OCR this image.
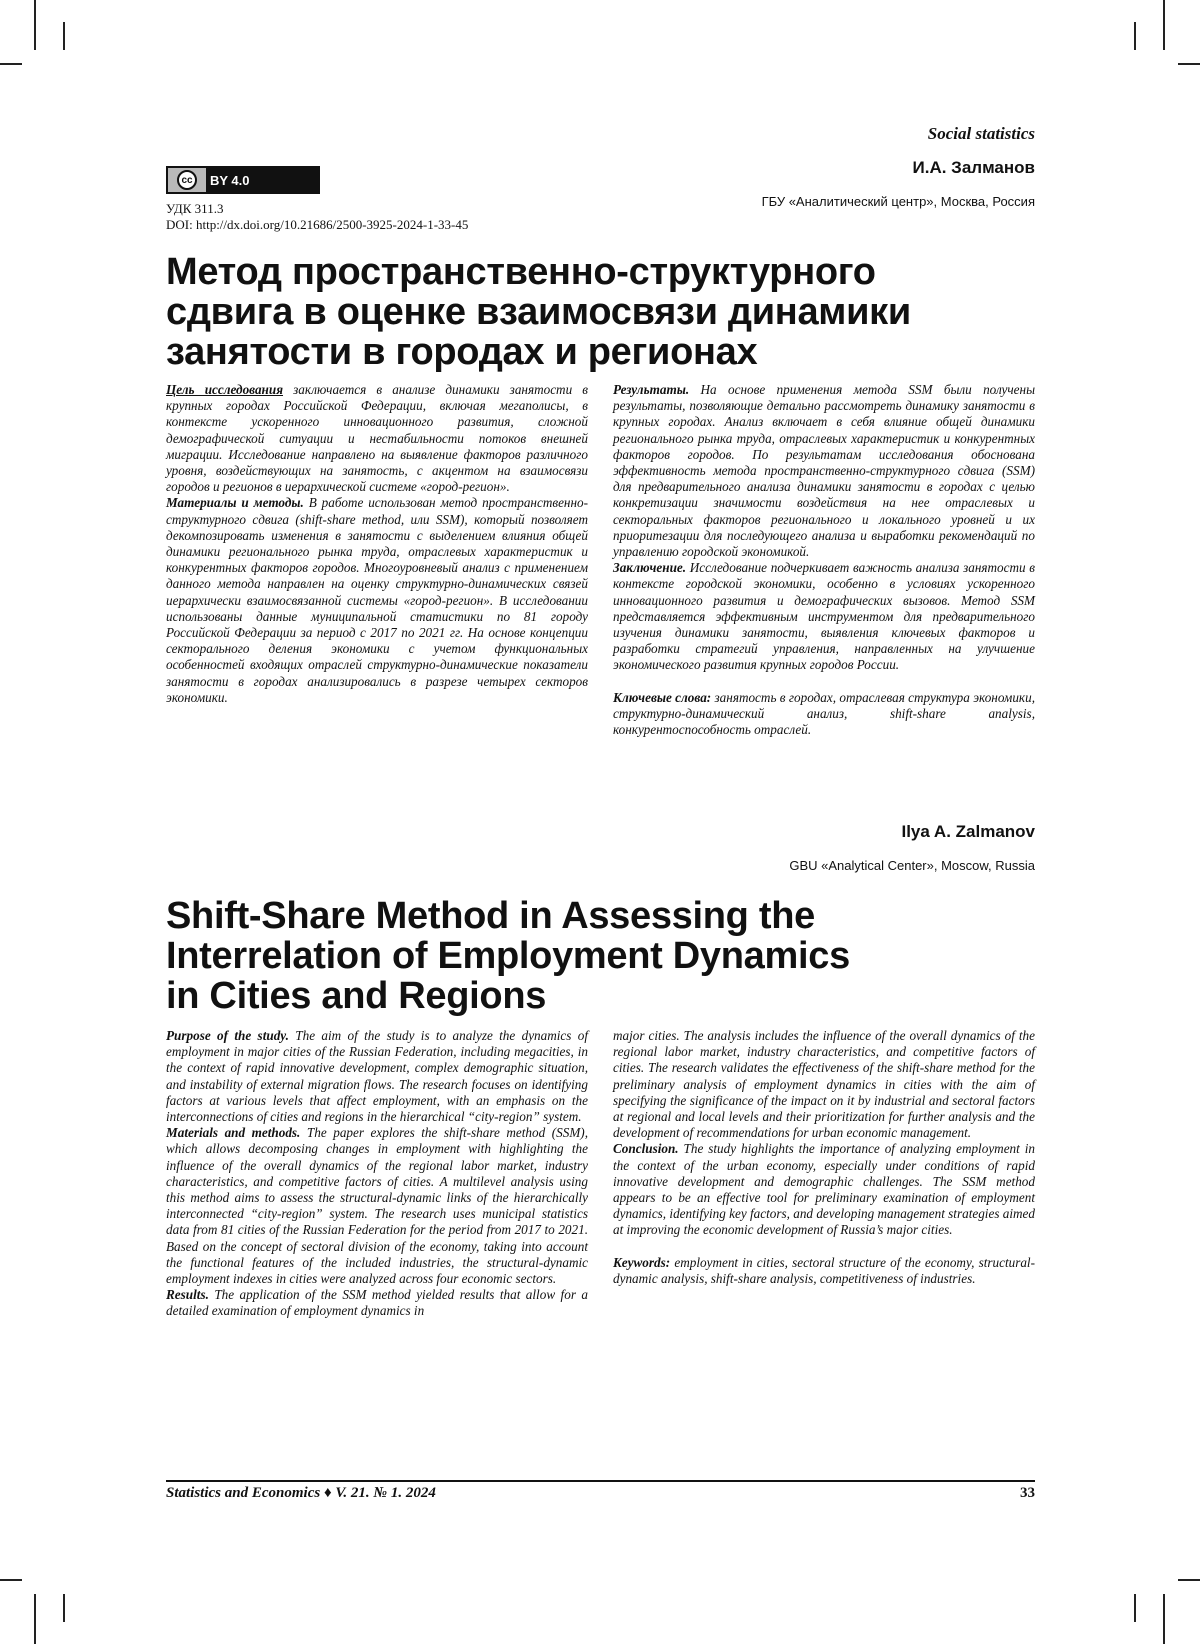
Social statistics
cc	BY 4.0
УДК 311.3
DOI: http://dx.doi.org/10.21686/2500-3925-2024-1-33-45
И.А. Залманов
ГБУ «Аналитический центр», Москва, Россия
Метод пространственно-структурного
сдвига в оценке взаимосвязи динамики
занятости в городах и регионах

Цель исследования заключается в анализе динамики занятости в крупных городах Российской Федерации, включая мегаполисы, в контексте ускоренного инновационного развития, сложной демографической ситуации и нестабильности потоков внешней миграции. Исследование направлено на выявление факторов различного уровня, воздействующих на занятость, с акцентом на взаимосвязи городов и регионов в иерархической системе «город-регион».

Материалы и методы. В работе использован метод пространственно-структурного сдвига (shift-share method, или SSM), который позволяет декомпозировать изменения в занятости с выделением влияния общей динамики регионального рынка труда, отраслевых характеристик и конкурентных факторов городов. Многоуровневый анализ с применением данного метода направлен на оценку структурно-динамических связей иерархически взаимосвязанной системы «город-регион». В исследовании использованы данные муниципальной статистики по 81 городу Российской Федерации за период с 2017 по 2021 гг. На основе концепции секторального деления экономики с учетом функциональных особенностей входящих отраслей структурно-динамические показатели занятости в городах анализировались в разрезе четырех секторов экономики.

Результаты. На основе применения метода SSM были получены результаты, позволяющие детально рассмотреть динамику занятости в крупных городах. Анализ включает в себя влияние общей динамики регионального рынка труда, отраслевых характеристик и конкурентных факторов городов. По результатам исследования обоснована эффективность метода пространственно-структурного сдвига (SSM) для предварительного анализа динамики занятости в городах с целью конкретизации значимости воздействия на нее отраслевых и секторальных факторов регионального и локального уровней и их приоритезации для последующего анализа и выработки рекомендаций по управлению городской экономикой.

Заключение. Исследование подчеркивает важность анализа занятости в контексте городской экономики, особенно в условиях ускоренного инновационного развития и демографических вызовов. Метод SSM представляется эффективным инструментом для предварительного изучения динамики занятости, выявления ключевых факторов и разработки стратегий управления, направленных на улучшение экономического развития крупных городов России.

Ключевые слова: занятость в городах, отраслевая структура экономики, структурно-динамический анализ, shift-share analysis, конкурентоспособность отраслей.

Ilya A. Zalmanov
GBU «Analytical Center», Moscow, Russia
Shift-Share Method in Assessing the
Interrelation of Employment Dynamics
in Cities and Regions

Purpose of the study. The aim of the study is to analyze the dynamics of employment in major cities of the Russian Federation, including megacities, in the context of rapid innovative development, complex demographic situation, and instability of external migration flows. The research focuses on identifying factors at various levels that affect employment, with an emphasis on the interconnections of cities and regions in the hierarchical “city-region” system.

Materials and methods. The paper explores the shift-share method (SSM), which allows decomposing changes in employment with highlighting the influence of the overall dynamics of the regional labor market, industry characteristics, and competitive factors of cities. A multilevel analysis using this method aims to assess the structural-dynamic links of the hierarchically interconnected “city-region” system. The research uses municipal statistics data from 81 cities of the Russian Federation for the period from 2017 to 2021. Based on the concept of sectoral division of the economy, taking into account the functional features of the included industries, the structural-dynamic employment indexes in cities were analyzed across four economic sectors.

Results. The application of the SSM method yielded results that allow for a detailed examination of employment dynamics in

major cities. The analysis includes the influence of the overall dynamics of the regional labor market, industry characteristics, and competitive factors of cities. The research validates the effectiveness of the shift-share method for the preliminary analysis of employment dynamics in cities with the aim of specifying the significance of the impact on it by industrial and sectoral factors at regional and local levels and their prioritization for further analysis and the development of recommendations for urban economic management.

Conclusion. The study highlights the importance of analyzing employment in the context of the urban economy, especially under conditions of rapid innovative development and demographic challenges. The SSM method appears to be an effective tool for preliminary examination of employment dynamics, identifying key factors, and developing management strategies aimed at improving the economic development of Russia’s major cities.

Keywords: employment in cities, sectoral structure of the economy, structural-dynamic analysis, shift-share analysis, competitiveness of industries.

Statistics and Economics ♦ V. 21. № 1. 2024	33
